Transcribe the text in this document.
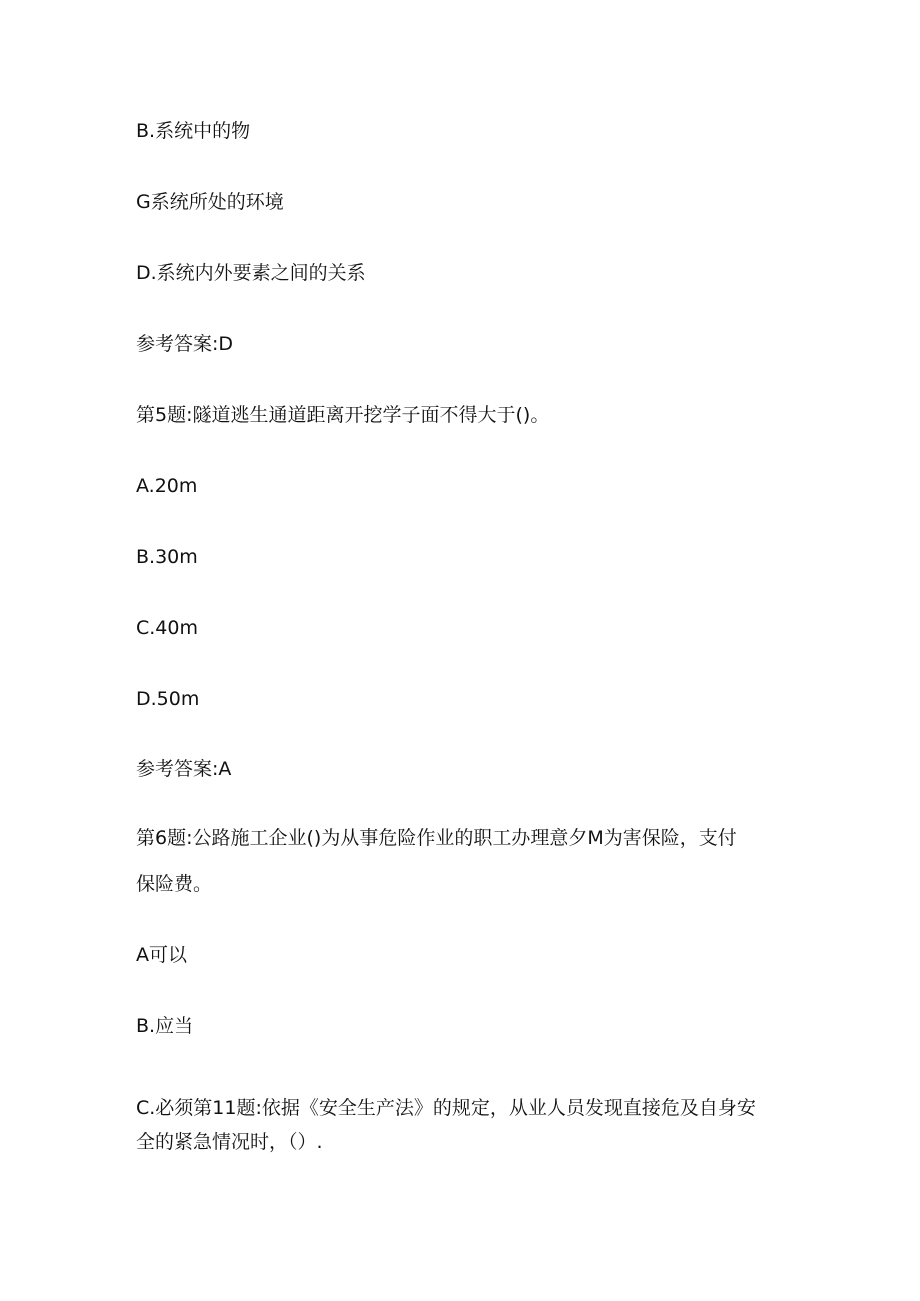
B.系统中的物
G系统所处的环境
D.系统内外要素之间的关系
参考答案:D
第5题:隧道逃生通道距离开挖学子面不得大于()。
A.20m
B.30m
C.40m
D.50m
参考答案:A
第6题:公路施工企业()为从事危险作业的职工办理意夕M为害保险，支付
保险费。
A可以
B.应当
C.必须第11题:依据《安全生产法》的规定，从业人员发现直接危及自身安
全的紧急情况时，（）.
